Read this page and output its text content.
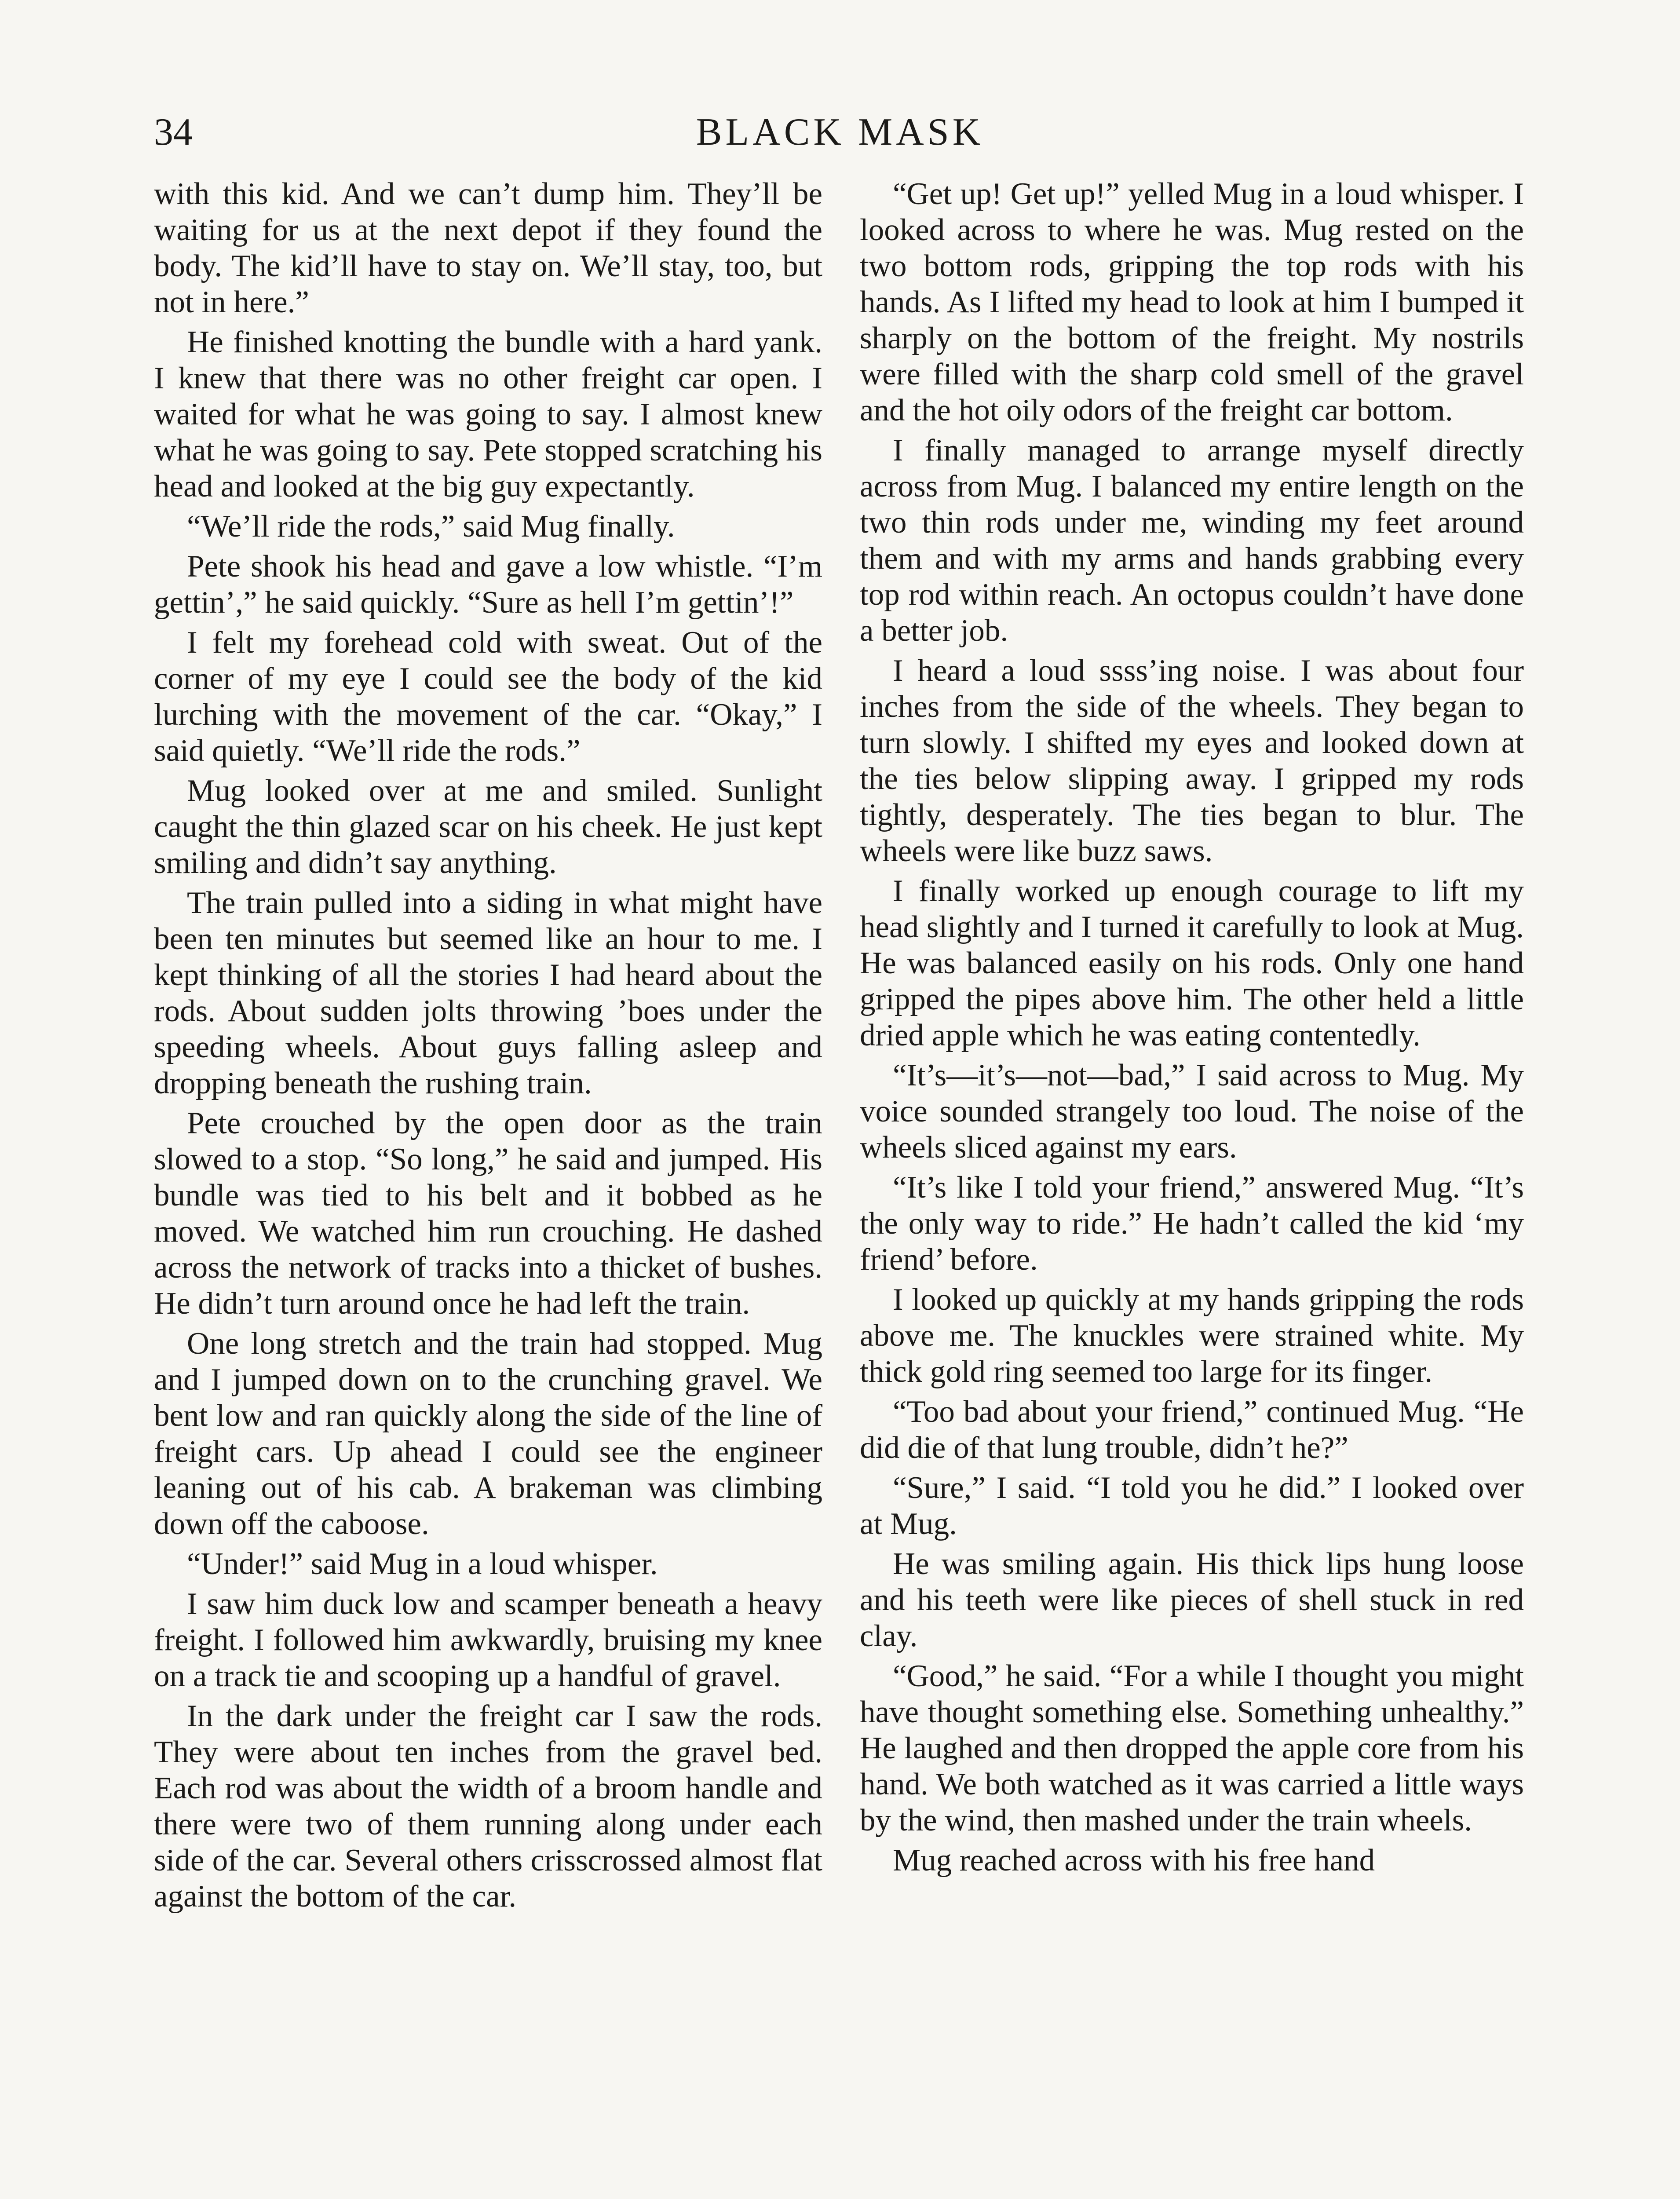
34	BLACK MASK

with this kid. And we can’t dump him. They’ll be waiting for us at the next depot if they found the body. The kid’ll have to stay on. We’ll stay, too, but not in here.”

He finished knotting the bundle with a hard yank. I knew that there was no other freight car open. I waited for what he was going to say. I almost knew what he was going to say. Pete stopped scratching his head and looked at the big guy expectantly.

“We’ll ride the rods,” said Mug finally.

Pete shook his head and gave a low whistle. “I’m gettin’,” he said quickly. “Sure as hell I’m gettin’!”

I felt my forehead cold with sweat. Out of the corner of my eye I could see the body of the kid lurching with the movement of the car. “Okay,” I said quietly. “We’ll ride the rods.”

Mug looked over at me and smiled. Sunlight caught the thin glazed scar on his cheek. He just kept smiling and didn’t say anything.

The train pulled into a siding in what might have been ten minutes but seemed like an hour to me. I kept thinking of all the stories I had heard about the rods. About sudden jolts throwing ’boes under the speeding wheels. About guys falling asleep and dropping beneath the rushing train.

Pete crouched by the open door as the train slowed to a stop. “So long,” he said and jumped. His bundle was tied to his belt and it bobbed as he moved. We watched him run crouching. He dashed across the network of tracks into a thicket of bushes. He didn’t turn around once he had left the train.

One long stretch and the train had stopped. Mug and I jumped down on to the crunching gravel. We bent low and ran quickly along the side of the line of freight cars. Up ahead I could see the engineer leaning out of his cab. A brakeman was climbing down off the caboose.

“Under!” said Mug in a loud whisper.

I saw him duck low and scamper beneath a heavy freight. I followed him awkwardly, bruising my knee on a track tie and scooping up a handful of gravel.

In the dark under the freight car I saw the rods. They were about ten inches from the gravel bed. Each rod was about the width of a broom handle and there were two of them running along under each side of the car. Several others crisscrossed almost flat against the bottom of the car.

“Get up! Get up!” yelled Mug in a loud whisper. I looked across to where he was. Mug rested on the two bottom rods, gripping the top rods with his hands. As I lifted my head to look at him I bumped it sharply on the bottom of the freight. My nostrils were filled with the sharp cold smell of the gravel and the hot oily odors of the freight car bottom.

I finally managed to arrange myself directly across from Mug. I balanced my entire length on the two thin rods under me, winding my feet around them and with my arms and hands grabbing every top rod within reach. An octopus couldn’t have done a better job.

I heard a loud ssss’ing noise. I was about four inches from the side of the wheels. They began to turn slowly. I shifted my eyes and looked down at the ties below slipping away. I gripped my rods tightly, desperately. The ties began to blur. The wheels were like buzz saws.

I finally worked up enough courage to lift my head slightly and I turned it carefully to look at Mug. He was balanced easily on his rods. Only one hand gripped the pipes above him. The other held a little dried apple which he was eating contentedly.

“It’s—it’s—not—bad,” I said across to Mug. My voice sounded strangely too loud. The noise of the wheels sliced against my ears.

“It’s like I told your friend,” answered Mug. “It’s the only way to ride.” He hadn’t called the kid ‘my friend’ before.

I looked up quickly at my hands gripping the rods above me. The knuckles were strained white. My thick gold ring seemed too large for its finger.

“Too bad about your friend,” continued Mug. “He did die of that lung trouble, didn’t he?”

“Sure,” I said. “I told you he did.” I looked over at Mug.

He was smiling again. His thick lips hung loose and his teeth were like pieces of shell stuck in red clay.

“Good,” he said. “For a while I thought you might have thought something else. Something unhealthy.” He laughed and then dropped the apple core from his hand. We both watched as it was carried a little ways by the wind, then mashed under the train wheels.

Mug reached across with his free hand
